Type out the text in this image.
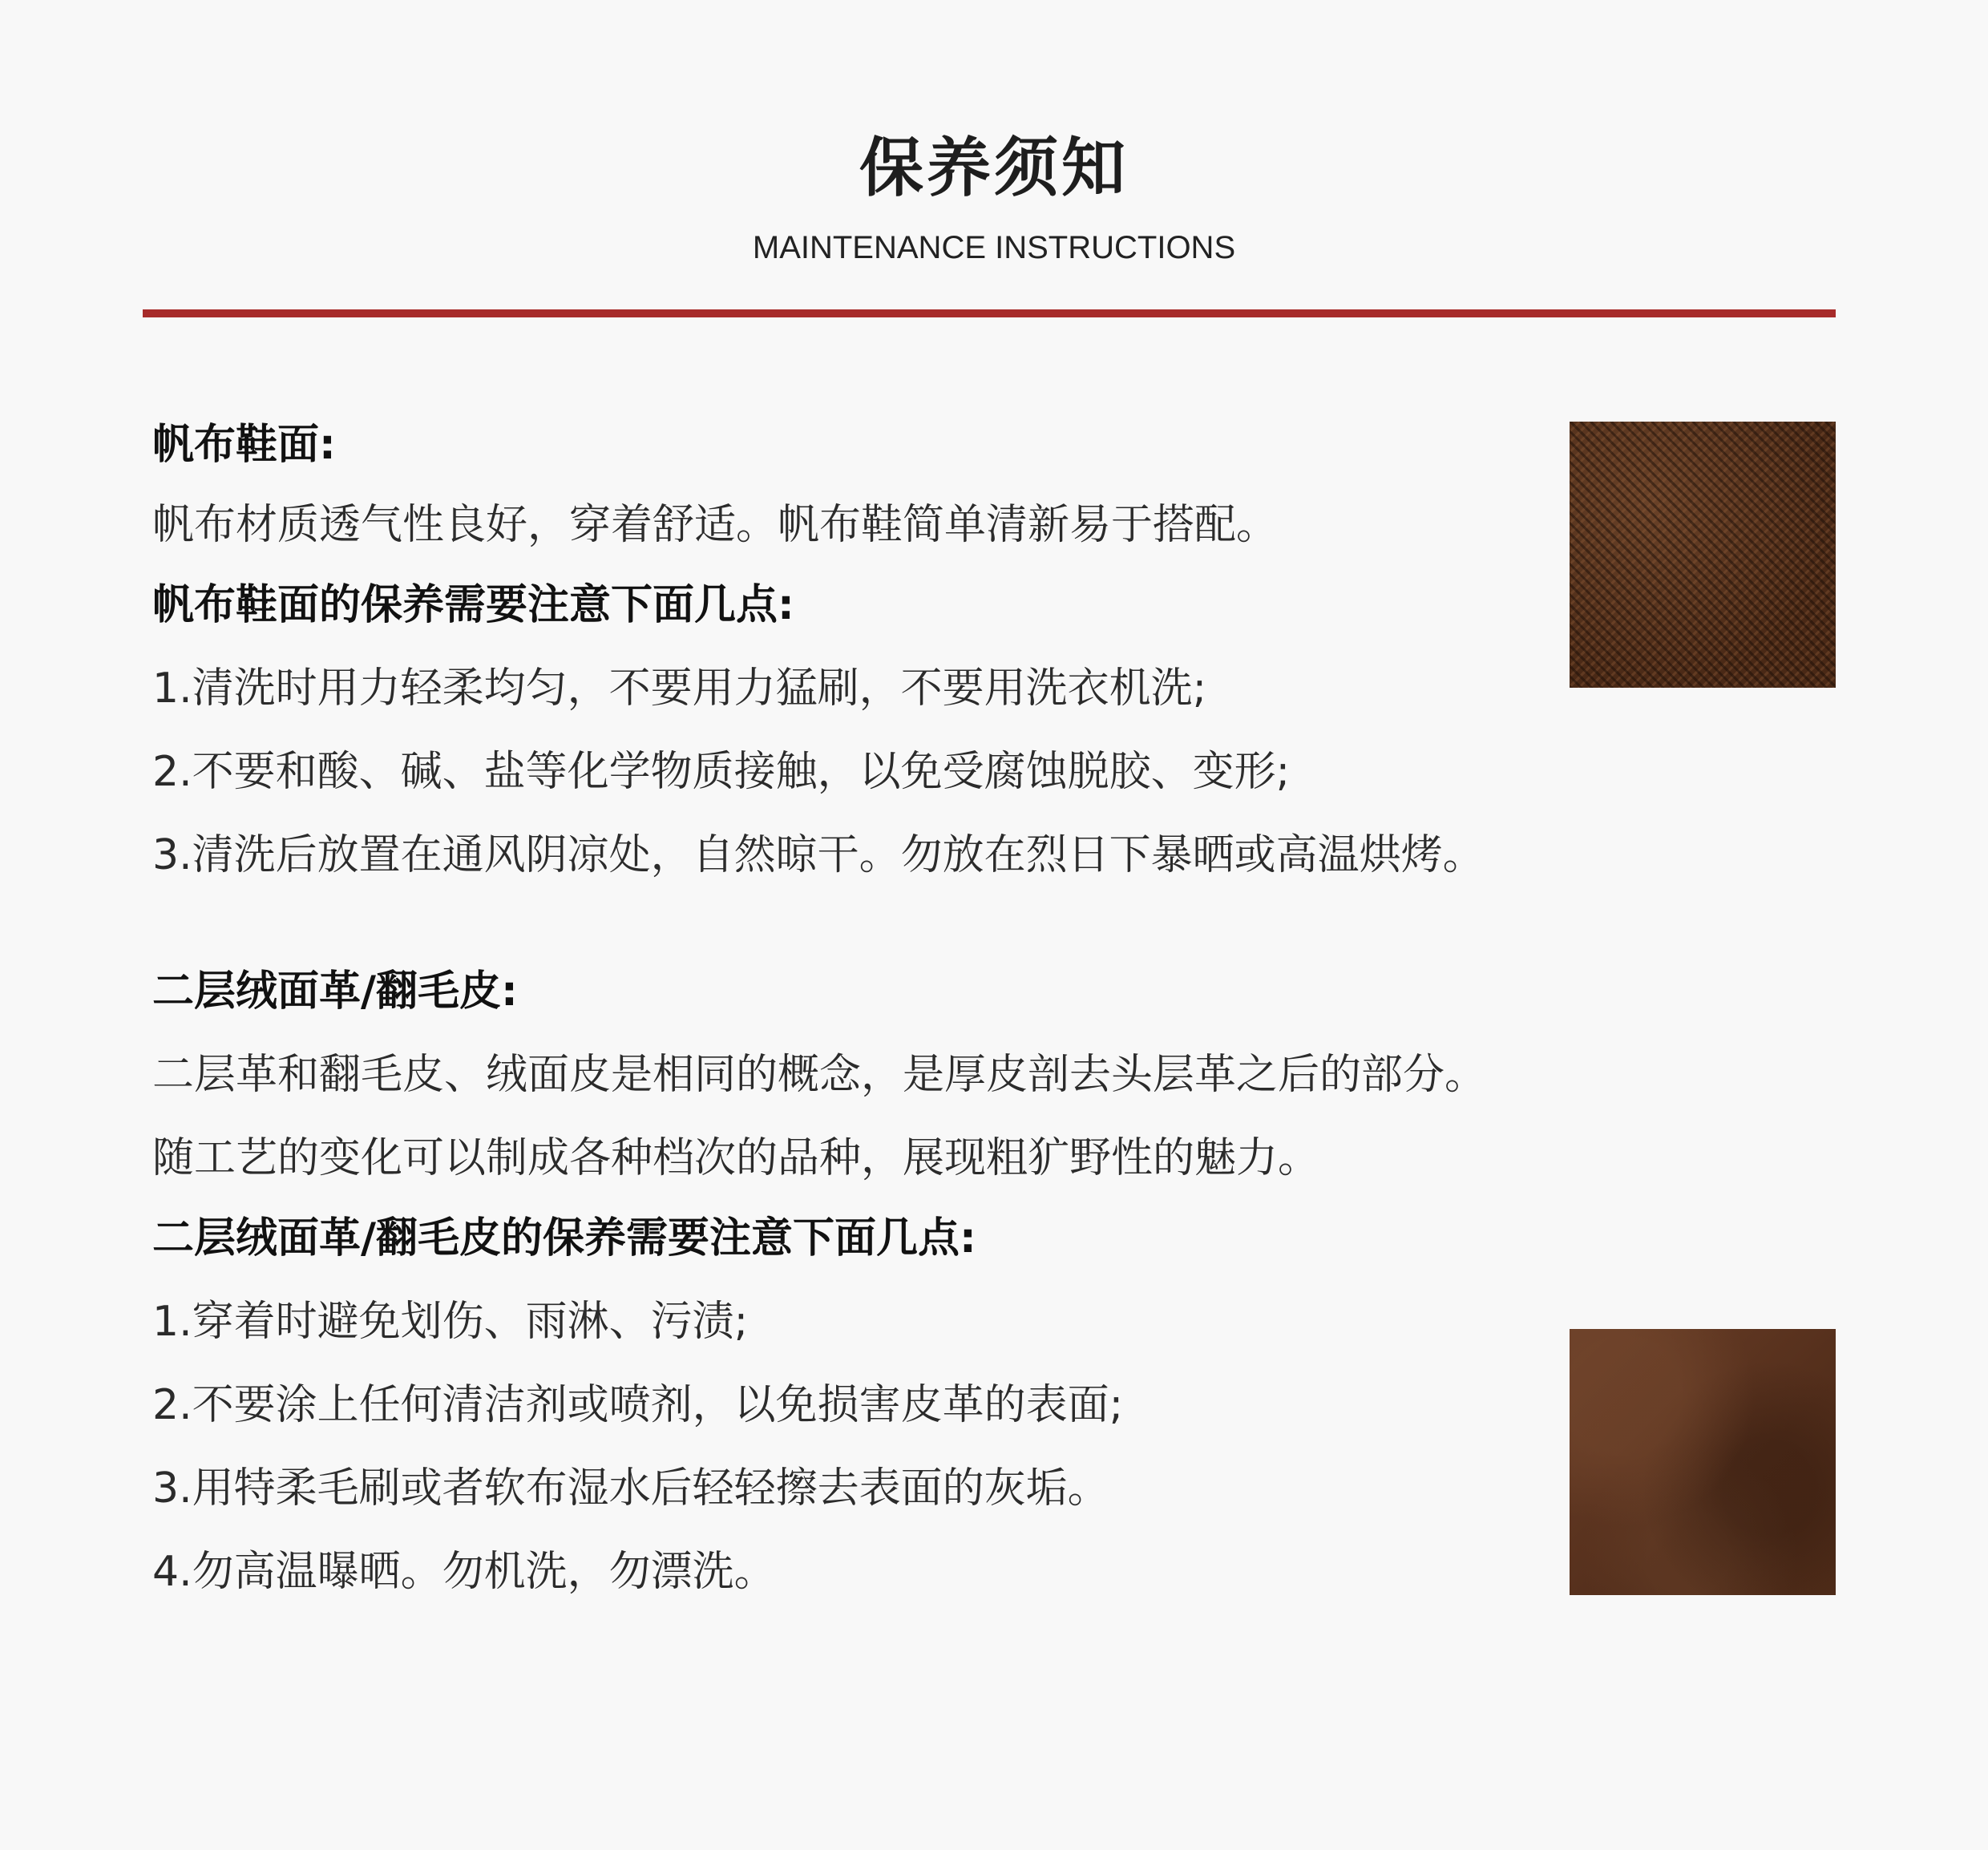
保养须知
MAINTENANCE INSTRUCTIONS
帆布鞋面:
帆布材质透气性良好，穿着舒适。帆布鞋简单清新易于搭配。
帆布鞋面的保养需要注意下面几点:
1.清洗时用力轻柔均匀，不要用力猛刷，不要用洗衣机洗;
2.不要和酸、碱、盐等化学物质接触，以免受腐蚀脱胶、变形;
3.清洗后放置在通风阴凉处，自然晾干。勿放在烈日下暴晒或高温烘烤。
二层绒面革/翻毛皮:
二层革和翻毛皮、绒面皮是相同的概念，是厚皮剖去头层革之后的部分。
随工艺的变化可以制成各种档次的品种，展现粗犷野性的魅力。
二层绒面革/翻毛皮的保养需要注意下面几点:
1.穿着时避免划伤、雨淋、污渍;
2.不要涂上任何清洁剂或喷剂，以免损害皮革的表面;
3.用特柔毛刷或者软布湿水后轻轻擦去表面的灰垢。
4.勿高温曝晒。勿机洗，勿漂洗。
